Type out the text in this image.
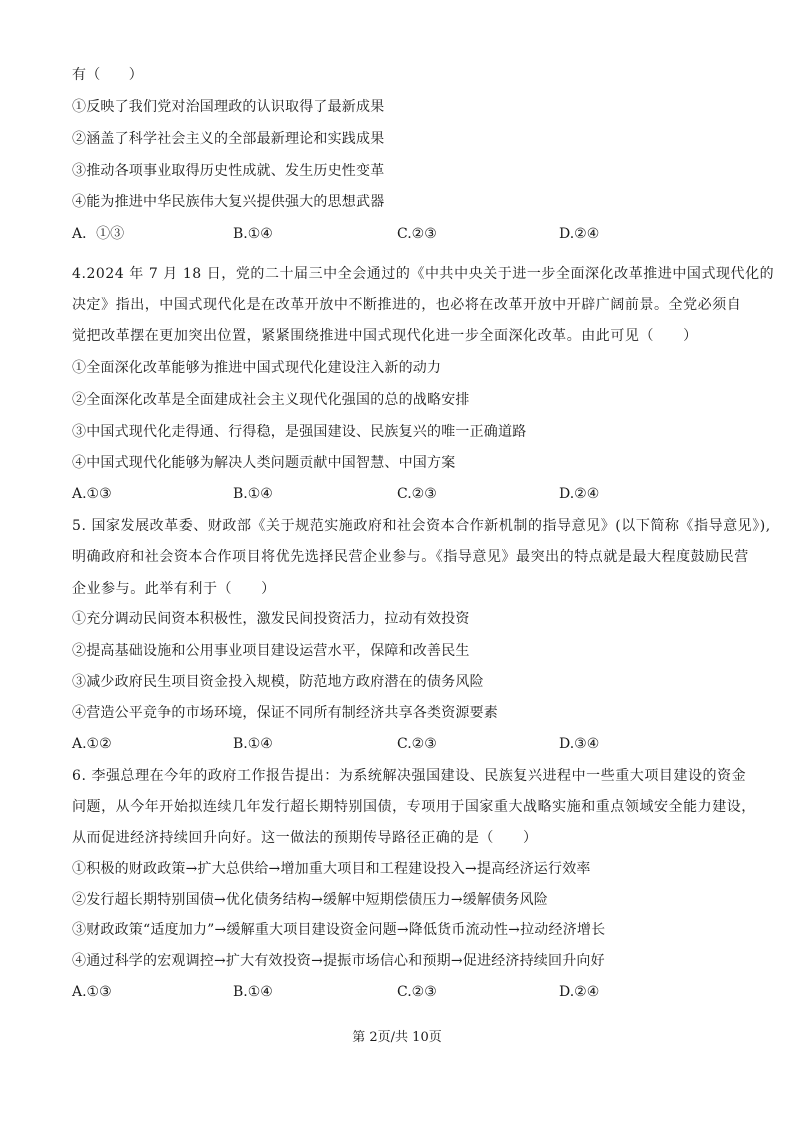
有（　　）
①反映了我们党对治国理政的认识取得了最新成果
②涵盖了科学社会主义的全部最新理论和实践成果
③推动各项事业取得历史性成就、发生历史性变革
④能为推进中华民族伟大复兴提供强大的思想武器
A．①③	B.①④	C.②③	D.②④
4.2024 年 7 月 18 日，党的二十届三中全会通过的《中共中央关于进一步全面深化改革推进中国式现代化的
决定》指出，中国式现代化是在改革开放中不断推进的，也必将在改革开放中开辟广阔前景。全党必须自
觉把改革摆在更加突出位置，紧紧围绕推进中国式现代化进一步全面深化改革。由此可见（　　）
①全面深化改革能够为推进中国式现代化建设注入新的动力
②全面深化改革是全面建成社会主义现代化强国的总的战略安排
③中国式现代化走得通、行得稳，是强国建设、民族复兴的唯一正确道路
④中国式现代化能够为解决人类问题贡献中国智慧、中国方案
A.①③	B.①④	C.②③	D.②④
5. 国家发展改革委、财政部《关于规范实施政府和社会资本合作新机制的指导意见》(以下简称《指导意见》),
明确政府和社会资本合作项目将优先选择民营企业参与。《指导意见》最突出的特点就是最大程度鼓励民营
企业参与。此举有利于（　　）
①充分调动民间资本积极性，激发民间投资活力，拉动有效投资
②提高基础设施和公用事业项目建设运营水平，保障和改善民生
③减少政府民生项目资金投入规模，防范地方政府潜在的债务风险
④营造公平竞争的市场环境，保证不同所有制经济共享各类资源要素
A.①②	B.①④	C.②③	D.③④
6. 李强总理在今年的政府工作报告提出：为系统解决强国建设、民族复兴进程中一些重大项目建设的资金
问题，从今年开始拟连续几年发行超长期特别国债，专项用于国家重大战略实施和重点领域安全能力建设，
从而促进经济持续回升向好。这一做法的预期传导路径正确的是（　　）
①积极的财政政策→扩大总供给→增加重大项目和工程建设投入→提高经济运行效率
②发行超长期特别国债→优化债务结构→缓解中短期偿债压力→缓解债务风险
③财政政策“适度加力”→缓解重大项目建设资金问题→降低货币流动性→拉动经济增长
④通过科学的宏观调控→扩大有效投资→提振市场信心和预期→促进经济持续回升向好
A.①③	B.①④	C.②③	D.②④
第 2页/共 10页
